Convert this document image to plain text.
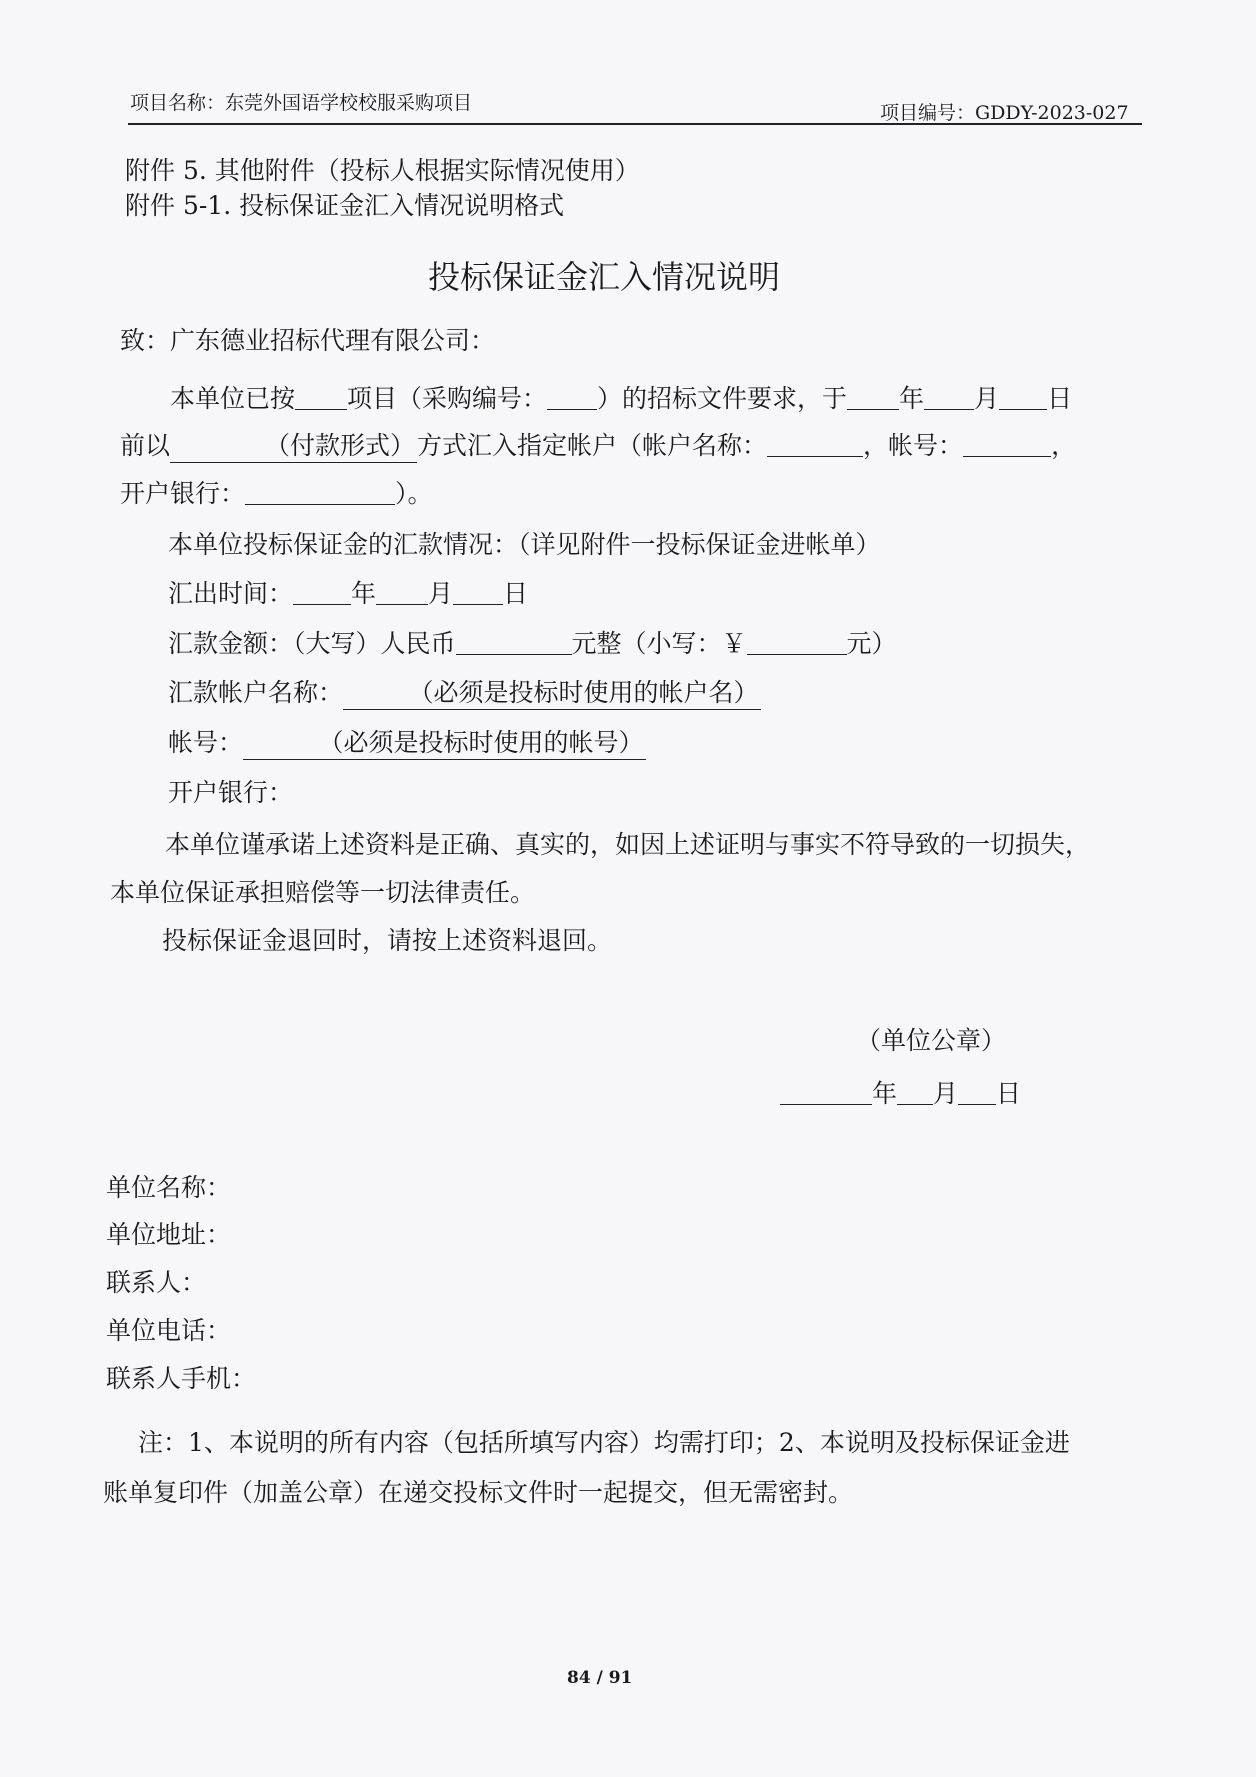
项目名称：东莞外国语学校校服采购项目	项目编号：GDDY-2023-027
附件 5. 其他附件（投标人根据实际情况使用）
附件 5-1. 投标保证金汇入情况说明格式
投标保证金汇入情况说明
致：广东德业招标代理有限公司：
本单位已按 项目（采购编号： ）的招标文件要求，于 年 月 日
前以	（付款形式）方式汇入指定帐户（帐户名称：	，帐号：	，
开户银行：	）。
本单位投标保证金的汇款情况：（详见附件一投标保证金进帐单）
汇出时间： 年 月 日
汇款金额：（大写）人民币	元整（小写：￥	元）
汇款帐户名称：	（必须是投标时使用的帐户名）
帐号：	（必须是投标时使用的帐号）
开户银行：
本单位谨承诺上述资料是正确、真实的，如因上述证明与事实不符导致的一切损失，
本单位保证承担赔偿等一切法律责任。
投标保证金退回时，请按上述资料退回。
（单位公章）
年 月 日
单位名称：
单位地址：
联系人：
单位电话：
联系人手机：
注：1、本说明的所有内容（包括所填写内容）均需打印；2、本说明及投标保证金进
账单复印件（加盖公章）在递交投标文件时一起提交，但无需密封。
84 / 91
